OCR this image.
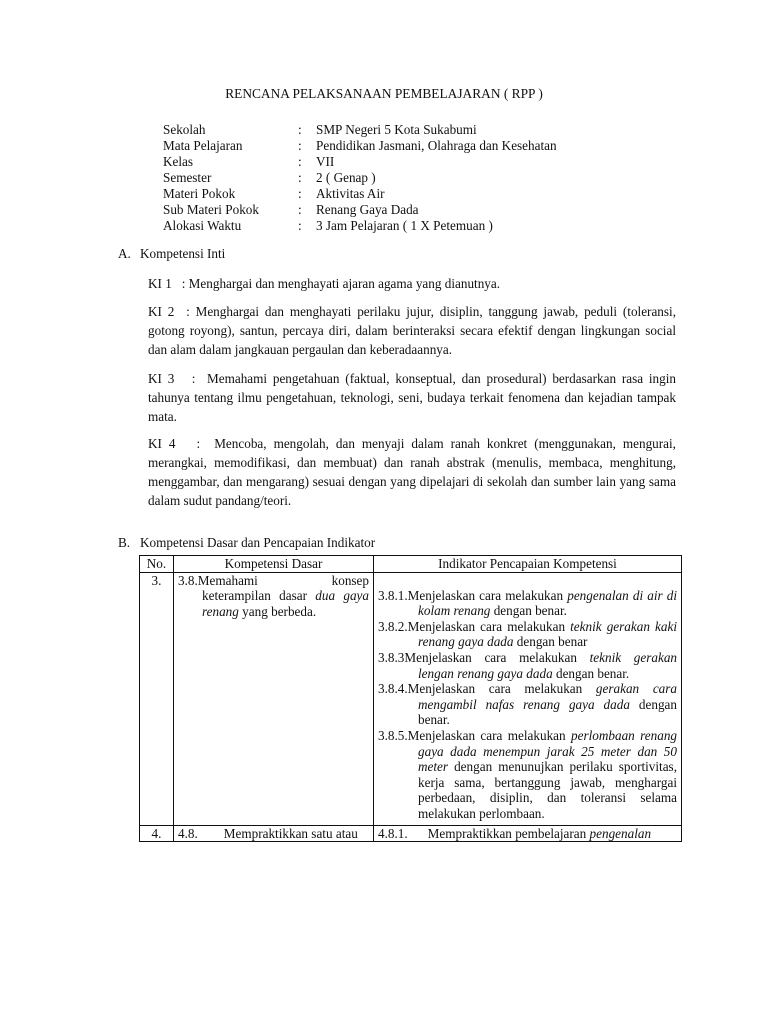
RENCANA PELAKSANAAN PEMBELAJARAN ( RPP )
Sekolah	:	SMP Negeri 5 Kota Sukabumi
Mata Pelajaran	:	Pendidikan Jasmani, Olahraga dan Kesehatan
Kelas	:	VII
Semester	:	2 ( Genap )
Materi Pokok	:	Aktivitas Air
Sub Materi Pokok	:	Renang Gaya Dada
Alokasi Waktu	:	3 Jam Pelajaran ( 1 X Petemuan )
A. Kompetensi Inti
KI 1   : Menghargai dan menghayati ajaran agama yang dianutnya.
KI 2  : Menghargai dan menghayati perilaku jujur, disiplin, tanggung jawab, peduli (toleransi, gotong royong), santun, percaya diri, dalam berinteraksi secara efektif dengan lingkungan social dan alam dalam jangkauan pergaulan dan keberadaannya.
KI 3   :  Memahami pengetahuan (faktual, konseptual, dan prosedural) berdasarkan rasa ingin tahunya tentang ilmu pengetahuan, teknologi, seni, budaya terkait fenomena dan kejadian tampak mata.
KI 4   :  Mencoba, mengolah, dan menyaji dalam ranah konkret (menggunakan, mengurai, merangkai, memodifikasi, dan membuat) dan ranah abstrak (menulis, membaca, menghitung, menggambar, dan mengarang) sesuai dengan yang dipelajari di sekolah dan sumber lain yang sama dalam sudut pandang/teori.
B. Kompetensi Dasar dan Pencapaian Indikator
No.	Kompetensi Dasar	Indikator Pencapaian Kompetensi
3.	3.8.Memahami konsep keterampilan dasar dua gaya renang yang berbeda.	3.8.1.Menjelaskan cara melakukan pengenalan di air di kolam renang dengan benar.

3.8.2.Menjelaskan cara melakukan teknik gerakan kaki renang gaya dada dengan benar

3.8.3Menjelaskan cara melakukan teknik gerakan lengan renang gaya dada dengan benar.

3.8.4.Menjelaskan cara melakukan gerakan cara mengambil nafas renang gaya dada dengan benar.

3.8.5.Menjelaskan cara melakukan perlombaan renang gaya dada menempun jarak 25 meter dan 50 meter dengan menunujkan perilaku sportivitas, kerja sama, bertanggung jawab, menghargai perbedaan, disiplin, dan toleransi selama melakukan perlombaan.

4.	4.8. Mempraktikkan satu atau	4.8.1. Mempraktikkan pembelajaran pengenalan
